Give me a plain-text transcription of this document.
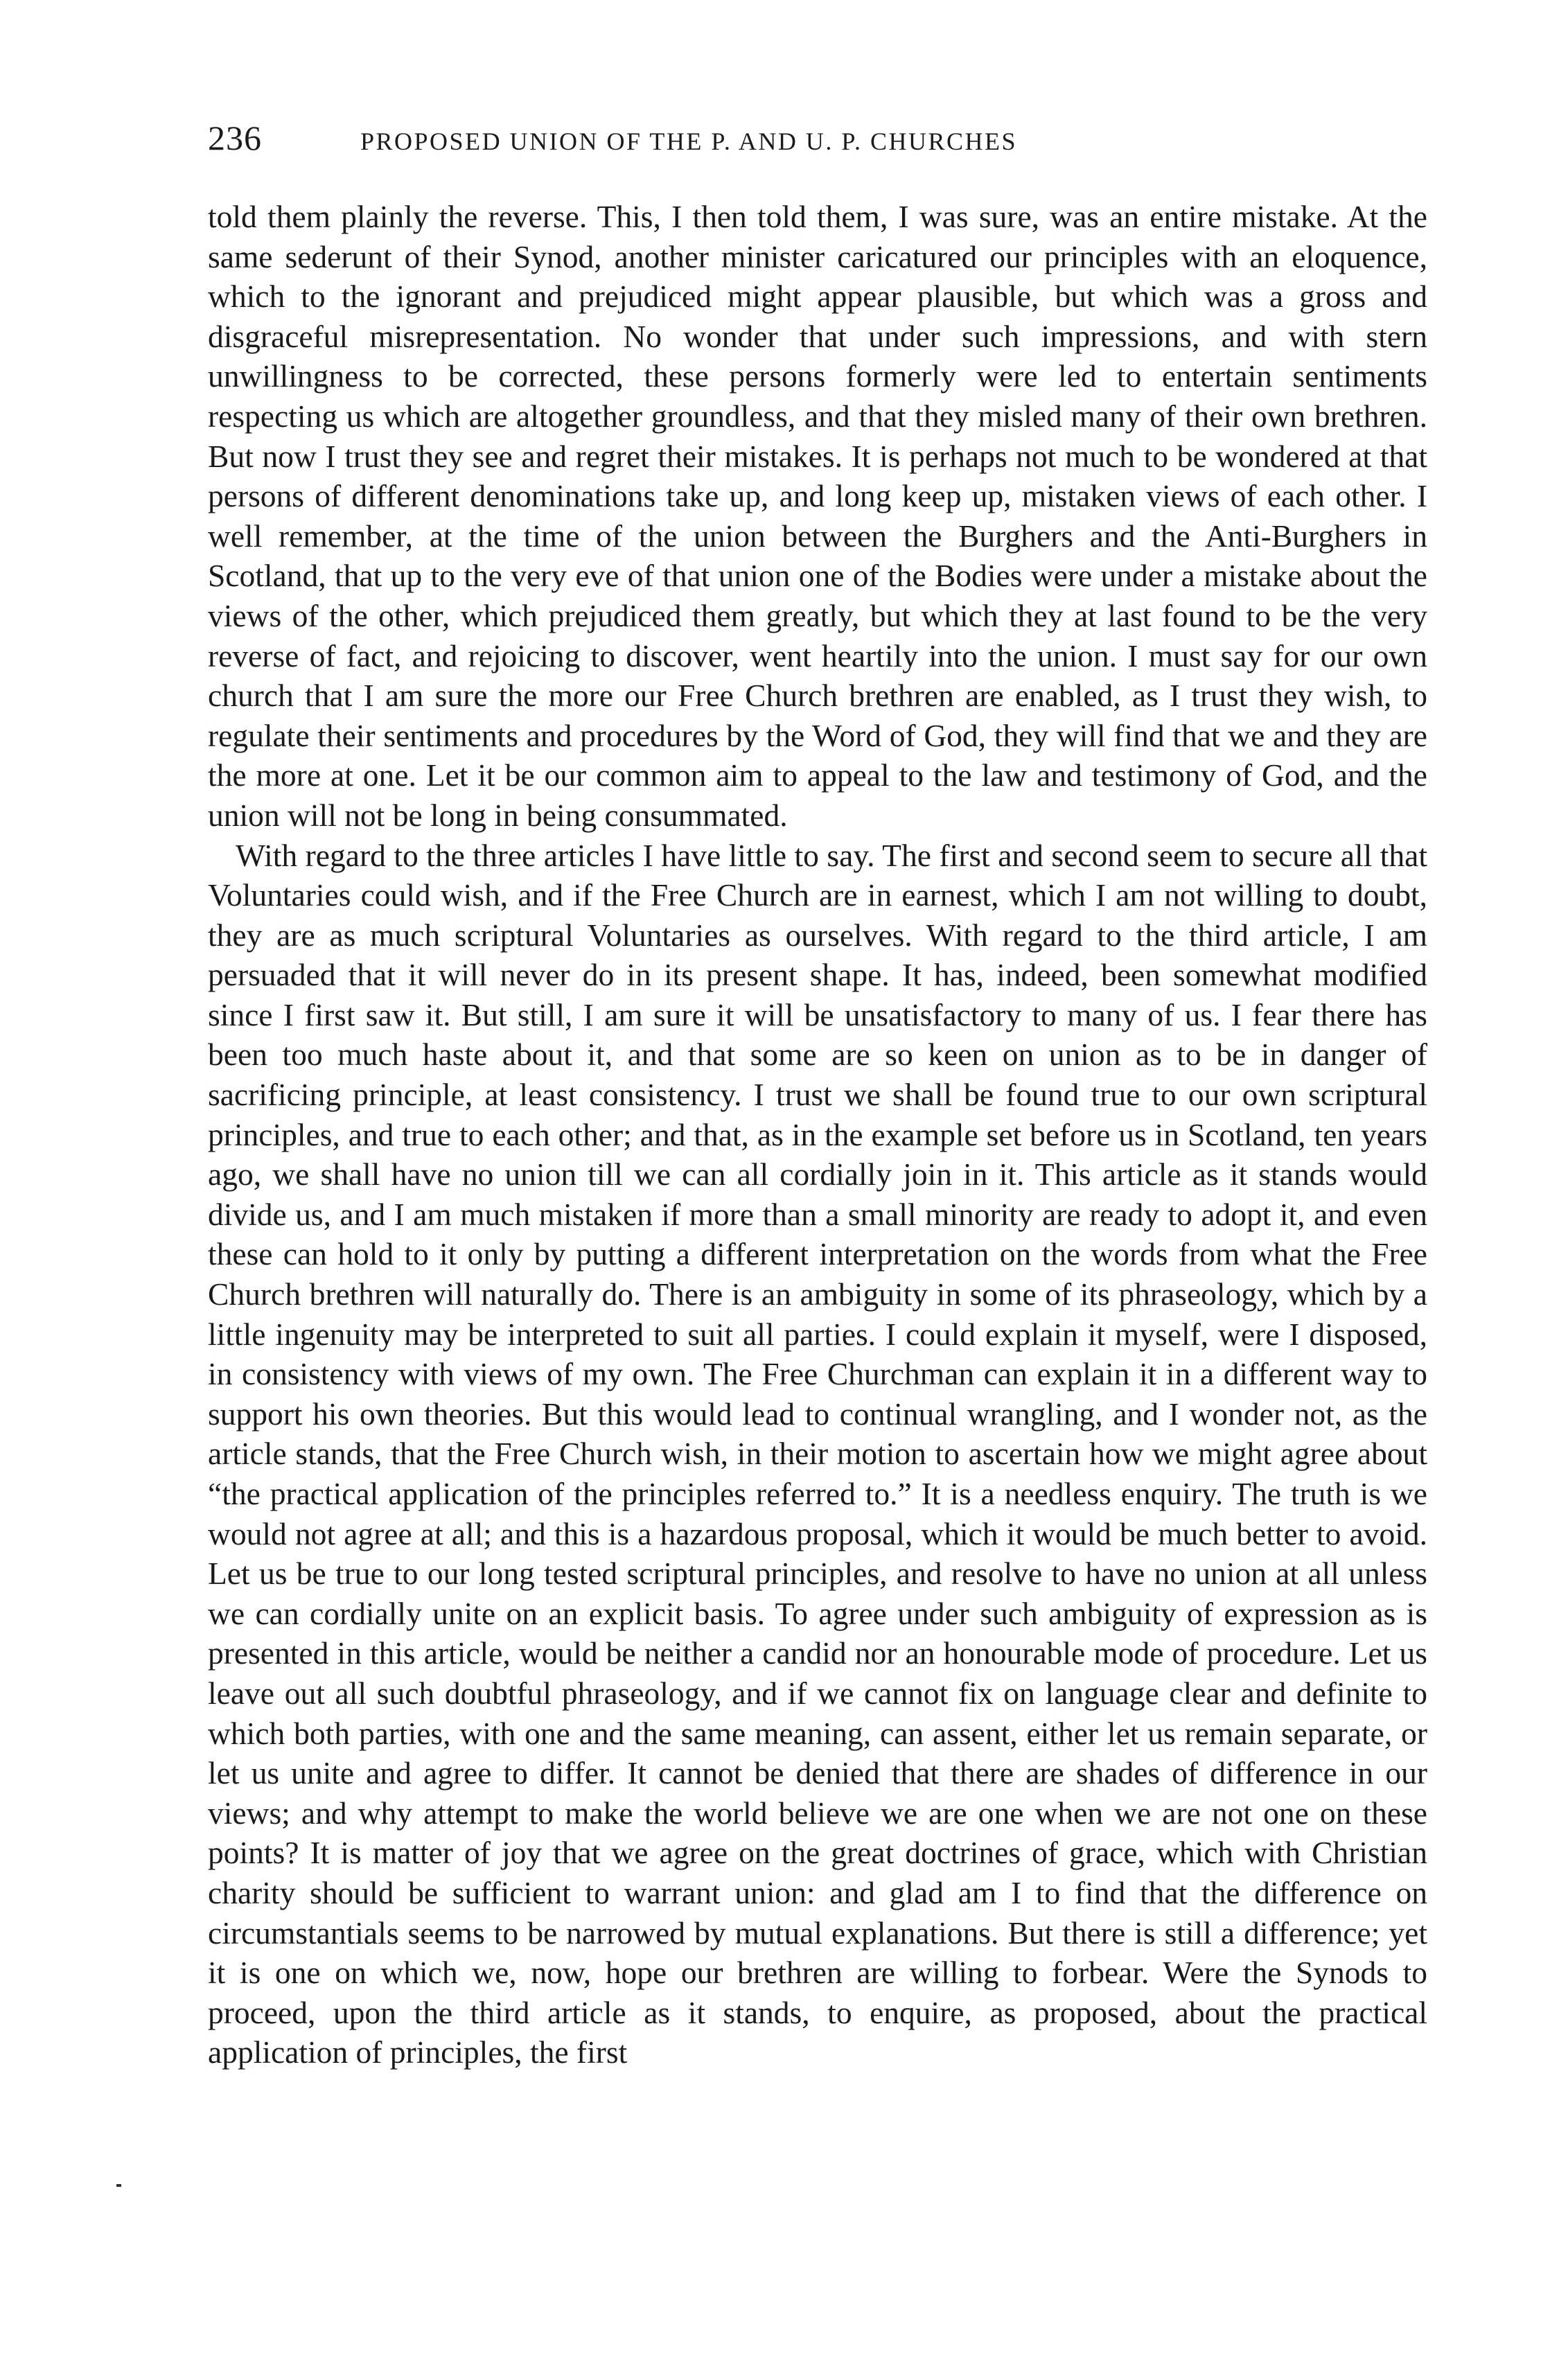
236	PROPOSED UNION OF THE P. AND U. P. CHURCHES

told them plainly the reverse. This, I then told them, I was sure, was an entire mistake. At the same sederunt of their Synod, another minister caricatured our principles with an eloquence, which to the ignorant and prejudiced might appear plausible, but which was a gross and disgraceful misrepresentation. No wonder that under such impressions, and with stern unwillingness to be corrected, these persons formerly were led to entertain sentiments respecting us which are altogether groundless, and that they misled many of their own brethren. But now I trust they see and regret their mistakes. It is perhaps not much to be wondered at that persons of different denominations take up, and long keep up, mistaken views of each other. I well remember, at the time of the union between the Burghers and the Anti-Burghers in Scotland, that up to the very eve of that union one of the Bodies were under a mistake about the views of the other, which prejudiced them greatly, but which they at last found to be the very reverse of fact, and rejoicing to discover, went heartily into the union. I must say for our own church that I am sure the more our Free Church brethren are enabled, as I trust they wish, to regulate their sentiments and procedures by the Word of God, they will find that we and they are the more at one. Let it be our common aim to appeal to the law and testimony of God, and the union will not be long in being consummated.

With regard to the three articles I have little to say. The first and second seem to secure all that Voluntaries could wish, and if the Free Church are in earnest, which I am not willing to doubt, they are as much scriptural Voluntaries as ourselves. With regard to the third article, I am persuaded that it will never do in its present shape. It has, indeed, been somewhat modified since I first saw it. But still, I am sure it will be unsatisfactory to many of us. I fear there has been too much haste about it, and that some are so keen on union as to be in danger of sacrificing principle, at least consistency. I trust we shall be found true to our own scriptural principles, and true to each other; and that, as in the example set before us in Scotland, ten years ago, we shall have no union till we can all cordially join in it. This article as it stands would divide us, and I am much mistaken if more than a small minority are ready to adopt it, and even these can hold to it only by putting a different interpretation on the words from what the Free Church brethren will naturally do. There is an ambiguity in some of its phraseology, which by a little ingenuity may be interpreted to suit all parties. I could explain it myself, were I disposed, in consistency with views of my own. The Free Churchman can explain it in a different way to support his own theories. But this would lead to continual wrangling, and I wonder not, as the article stands, that the Free Church wish, in their motion to ascertain how we might agree about “the practical application of the principles referred to.” It is a needless enquiry. The truth is we would not agree at all; and this is a hazardous proposal, which it would be much better to avoid. Let us be true to our long tested scriptural principles, and resolve to have no union at all unless we can cordially unite on an explicit basis. To agree under such ambiguity of expression as is presented in this article, would be neither a candid nor an honourable mode of procedure. Let us leave out all such doubtful phraseology, and if we cannot fix on language clear and definite to which both parties, with one and the same meaning, can assent, either let us remain separate, or let us unite and agree to differ. It cannot be denied that there are shades of difference in our views; and why attempt to make the world believe we are one when we are not one on these points? It is matter of joy that we agree on the great doctrines of grace, which with Christian charity should be sufficient to warrant union: and glad am I to find that the difference on circumstantials seems to be narrowed by mutual explanations. But there is still a difference; yet it is one on which we, now, hope our brethren are willing to forbear. Were the Synods to proceed, upon the third article as it stands, to enquire, as proposed, about the practical application of principles, the first
